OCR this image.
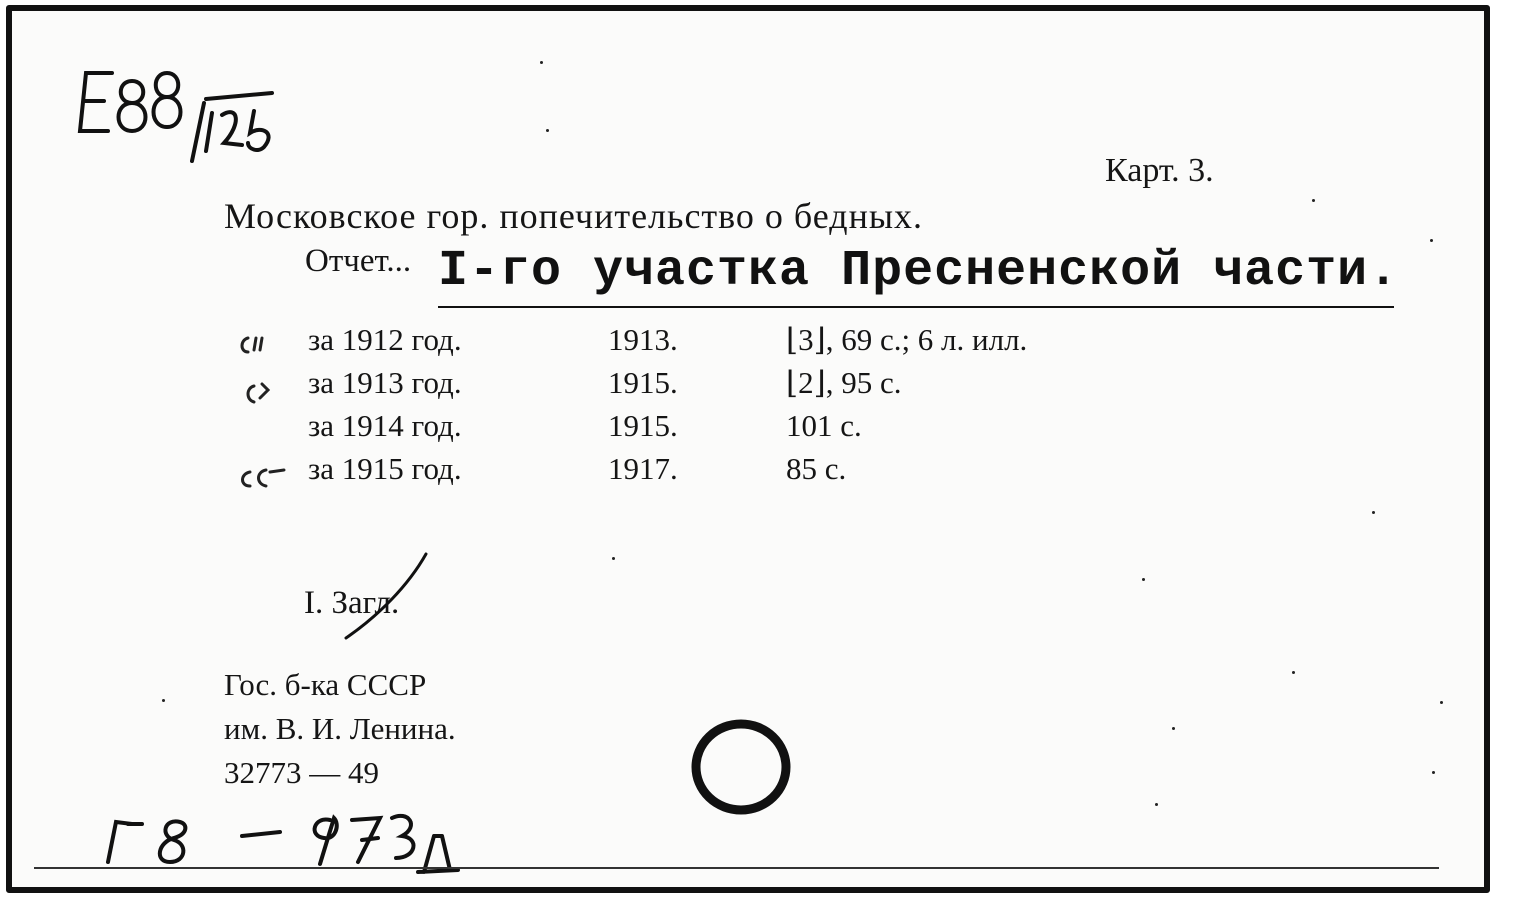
Карт. 3.
Московское гор. попечительство о бедных.
Отчет... I-го участка Пресненской части.
за 1912 год.	1913.	⌊3⌋, 69 с.; 6 л. илл.
за 1913 год.	1915.	⌊2⌋, 95 с.
за 1914 год.	1915.	101 с.
за 1915 год.	1917.	85 с.
I. Загл.
Гос. б-ка СССР
им. В. И. Ленина.
32773 — 49
